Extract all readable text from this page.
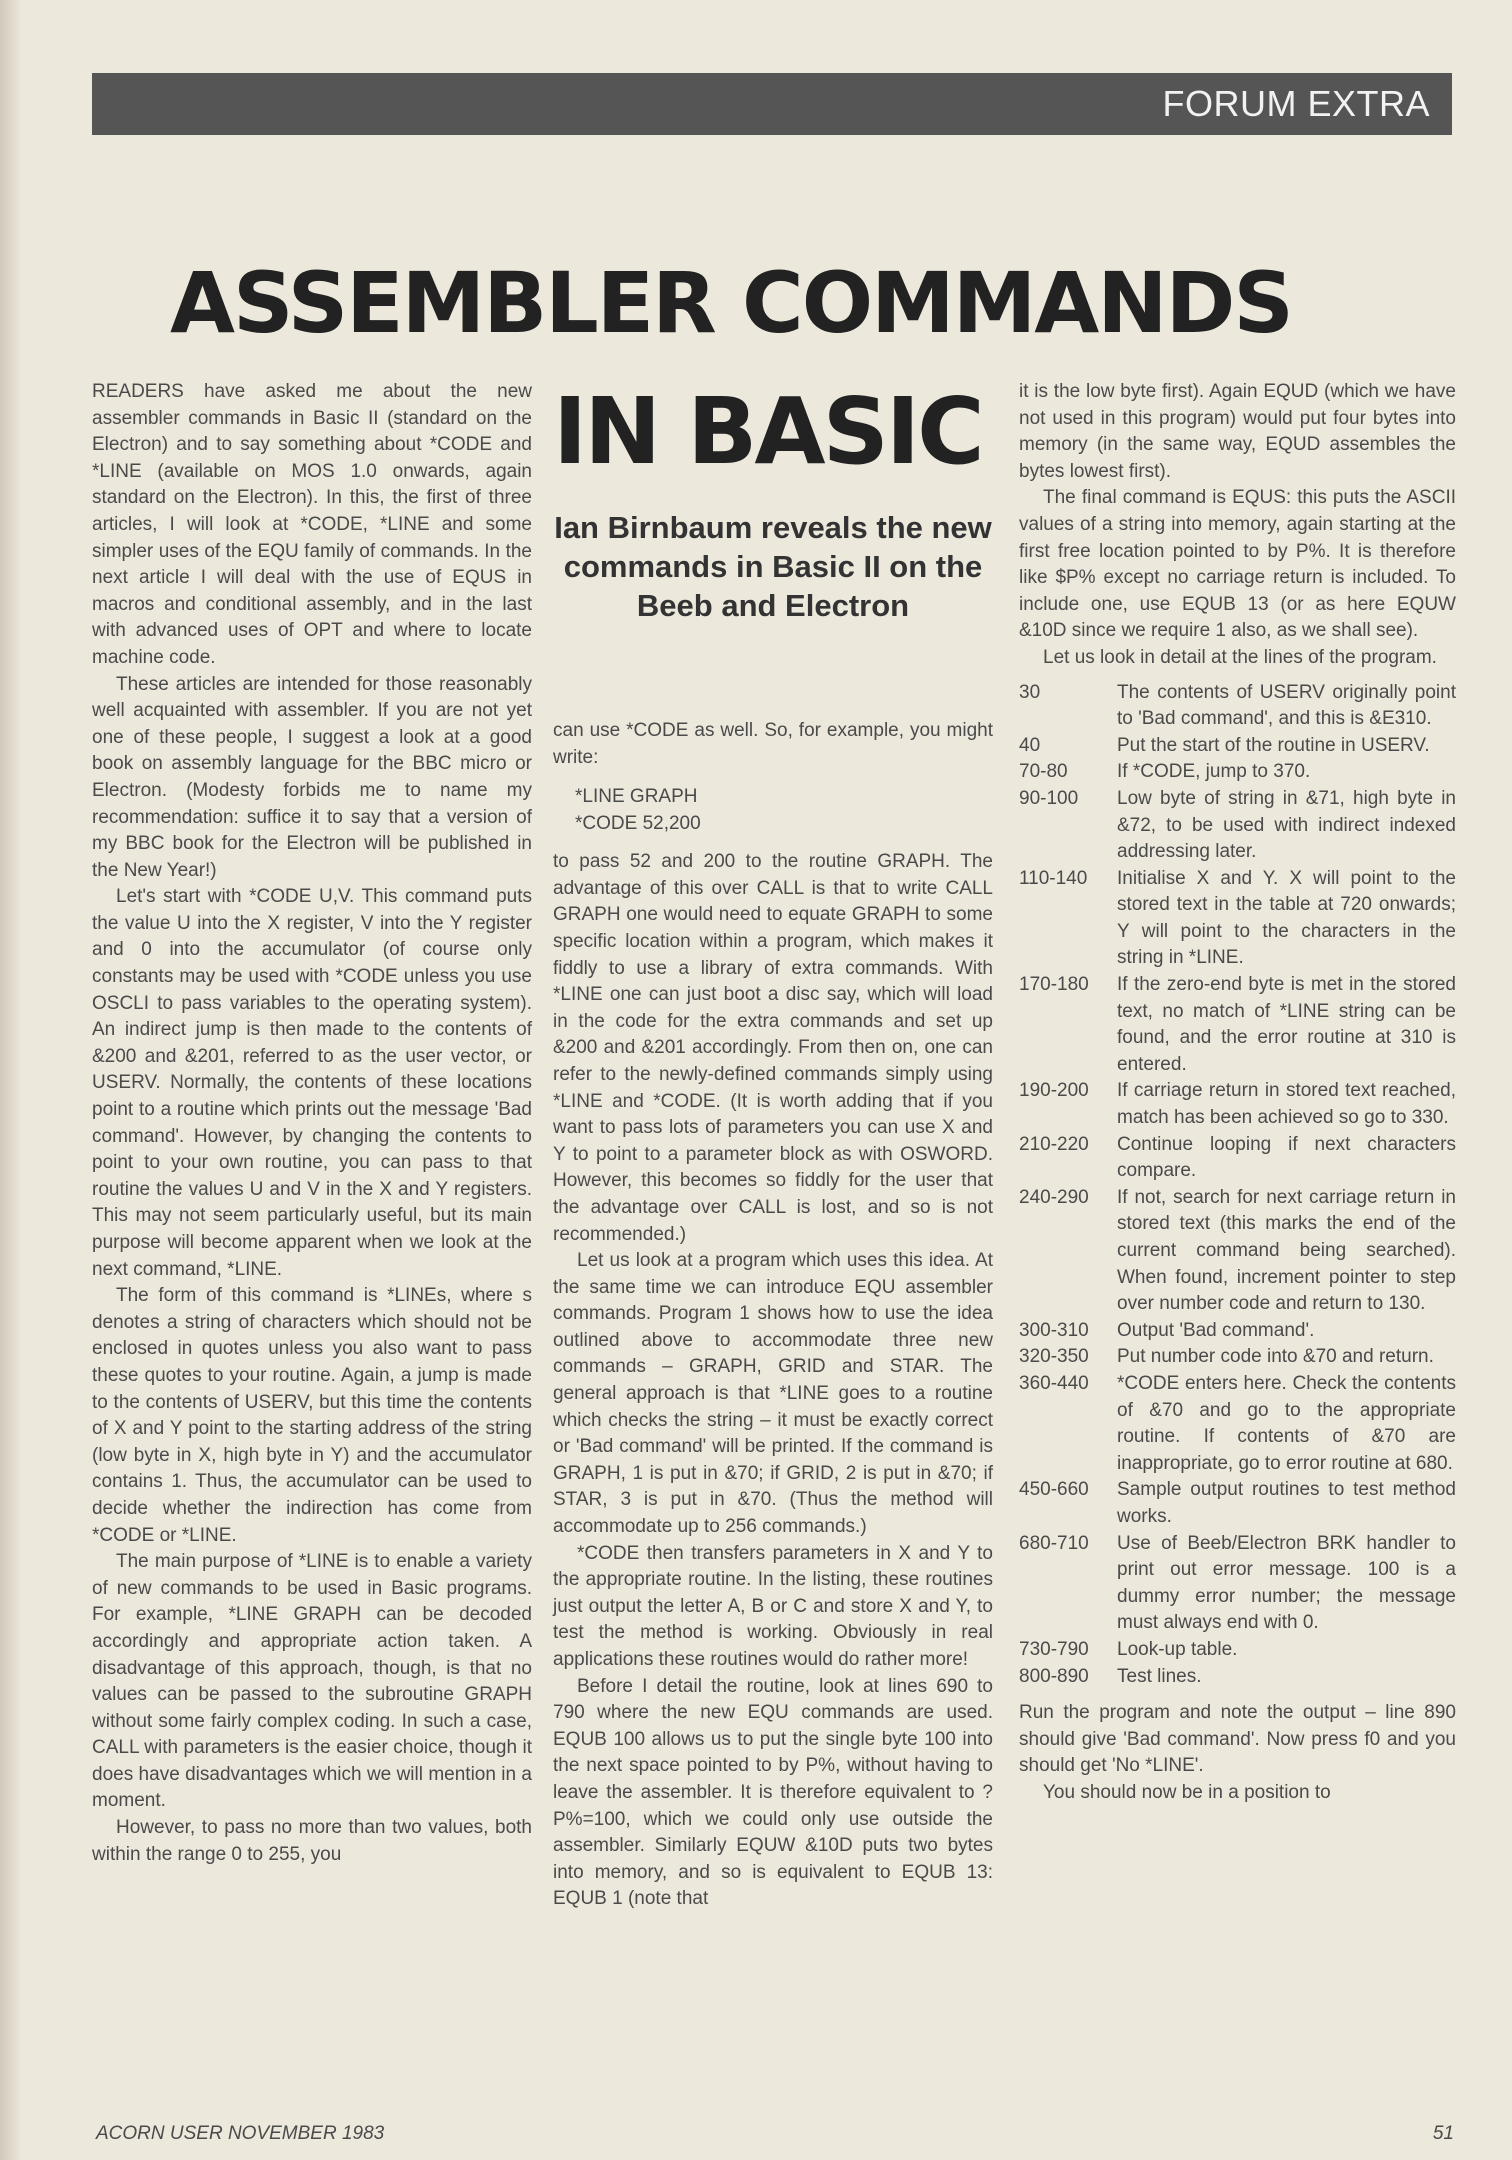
FORUM EXTRA
ASSEMBLER COMMANDS
IN BASIC
Ian Birnbaum reveals the new commands in Basic II on the Beeb and Electron

READERS have asked me about the new assembler commands in Basic II (standard on the Electron) and to say something about *CODE and *LINE (available on MOS 1.0 onwards, again standard on the Electron). In this, the first of three articles, I will look at *CODE, *LINE and some simpler uses of the EQU family of commands. In the next article I will deal with the use of EQUS in macros and conditional assembly, and in the last with advanced uses of OPT and where to locate machine code.

These articles are intended for those reasonably well acquainted with assembler. If you are not yet one of these people, I suggest a look at a good book on assembly language for the BBC micro or Electron. (Modesty forbids me to name my recommendation: suffice it to say that a version of my BBC book for the Electron will be published in the New Year!)

Let's start with *CODE U,V. This command puts the value U into the X register, V into the Y register and 0 into the accumulator (of course only constants may be used with *CODE unless you use OSCLI to pass variables to the operating system). An indirect jump is then made to the contents of &200 and &201, referred to as the user vector, or USERV. Normally, the contents of these locations point to a routine which prints out the message 'Bad command'. However, by changing the contents to point to your own routine, you can pass to that routine the values U and V in the X and Y registers. This may not seem particularly useful, but its main purpose will become apparent when we look at the next command, *LINE.

The form of this command is *LINEs, where s denotes a string of characters which should not be enclosed in quotes unless you also want to pass these quotes to your routine. Again, a jump is made to the contents of USERV, but this time the contents of X and Y point to the starting address of the string (low byte in X, high byte in Y) and the accumulator contains 1. Thus, the accumulator can be used to decide whether the indirection has come from *CODE or *LINE.

The main purpose of *LINE is to enable a variety of new commands to be used in Basic programs. For example, *LINE GRAPH can be decoded accordingly and appropriate action taken. A disadvantage of this approach, though, is that no values can be passed to the subroutine GRAPH without some fairly complex coding. In such a case, CALL with parameters is the easier choice, though it does have disadvantages which we will mention in a moment.

However, to pass no more than two values, both within the range 0 to 255, you

can use *CODE as well. So, for example, you might write:

*LINE GRAPH
*CODE 52,200

to pass 52 and 200 to the routine GRAPH. The advantage of this over CALL is that to write CALL GRAPH one would need to equate GRAPH to some specific location within a program, which makes it fiddly to use a library of extra commands. With *LINE one can just boot a disc say, which will load in the code for the extra commands and set up &200 and &201 accordingly. From then on, one can refer to the newly-defined commands simply using *LINE and *CODE. (It is worth adding that if you want to pass lots of parameters you can use X and Y to point to a parameter block as with OSWORD. However, this becomes so fiddly for the user that the advantage over CALL is lost, and so is not recommended.)

Let us look at a program which uses this idea. At the same time we can introduce EQU assembler commands. Program 1 shows how to use the idea outlined above to accommodate three new commands – GRAPH, GRID and STAR. The general approach is that *LINE goes to a routine which checks the string – it must be exactly correct or 'Bad command' will be printed. If the command is GRAPH, 1 is put in &70; if GRID, 2 is put in &70; if STAR, 3 is put in &70. (Thus the method will accommodate up to 256 commands.)

*CODE then transfers parameters in X and Y to the appropriate routine. In the listing, these routines just output the letter A, B or C and store X and Y, to test the method is working. Obviously in real applications these routines would do rather more!

Before I detail the routine, look at lines 690 to 790 where the new EQU commands are used. EQUB 100 allows us to put the single byte 100 into the next space pointed to by P%, without having to leave the assembler. It is therefore equivalent to ?P%=100, which we could only use outside the assembler. Similarly EQUW &10D puts two bytes into memory, and so is equivalent to EQUB 13: EQUB 1 (note that

it is the low byte first). Again EQUD (which we have not used in this program) would put four bytes into memory (in the same way, EQUD assembles the bytes lowest first).

The final command is EQUS: this puts the ASCII values of a string into memory, again starting at the first free location pointed to by P%. It is therefore like $P% except no carriage return is included. To include one, use EQUB 13 (or as here EQUW &10D since we require 1 also, as we shall see).

Let us look in detail at the lines of the program.

30	The contents of USERV originally point to 'Bad command', and this is &E310.
40	Put the start of the routine in USERV.
70-80	If *CODE, jump to 370.
90-100	Low byte of string in &71, high byte in &72, to be used with indirect indexed addressing later.
110-140	Initialise X and Y. X will point to the stored text in the table at 720 onwards; Y will point to the characters in the string in *LINE.
170-180	If the zero-end byte is met in the stored text, no match of *LINE string can be found, and the error routine at 310 is entered.
190-200	If carriage return in stored text reached, match has been achieved so go to 330.
210-220	Continue looping if next characters compare.
240-290	If not, search for next carriage return in stored text (this marks the end of the current command being searched). When found, increment pointer to step over number code and return to 130.
300-310	Output 'Bad command'.
320-350	Put number code into &70 and return.
360-440	*CODE enters here. Check the contents of &70 and go to the appropriate routine. If contents of &70 are inappropriate, go to error routine at 680.
450-660	Sample output routines to test method works.
680-710	Use of Beeb/Electron BRK handler to print out error message. 100 is a dummy error number; the message must always end with 0.
730-790	Look-up table.
800-890	Test lines.

Run the program and note the output – line 890 should give 'Bad command'. Now press f0 and you should get 'No *LINE'.

You should now be in a position to

ACORN USER NOVEMBER 1983	51
